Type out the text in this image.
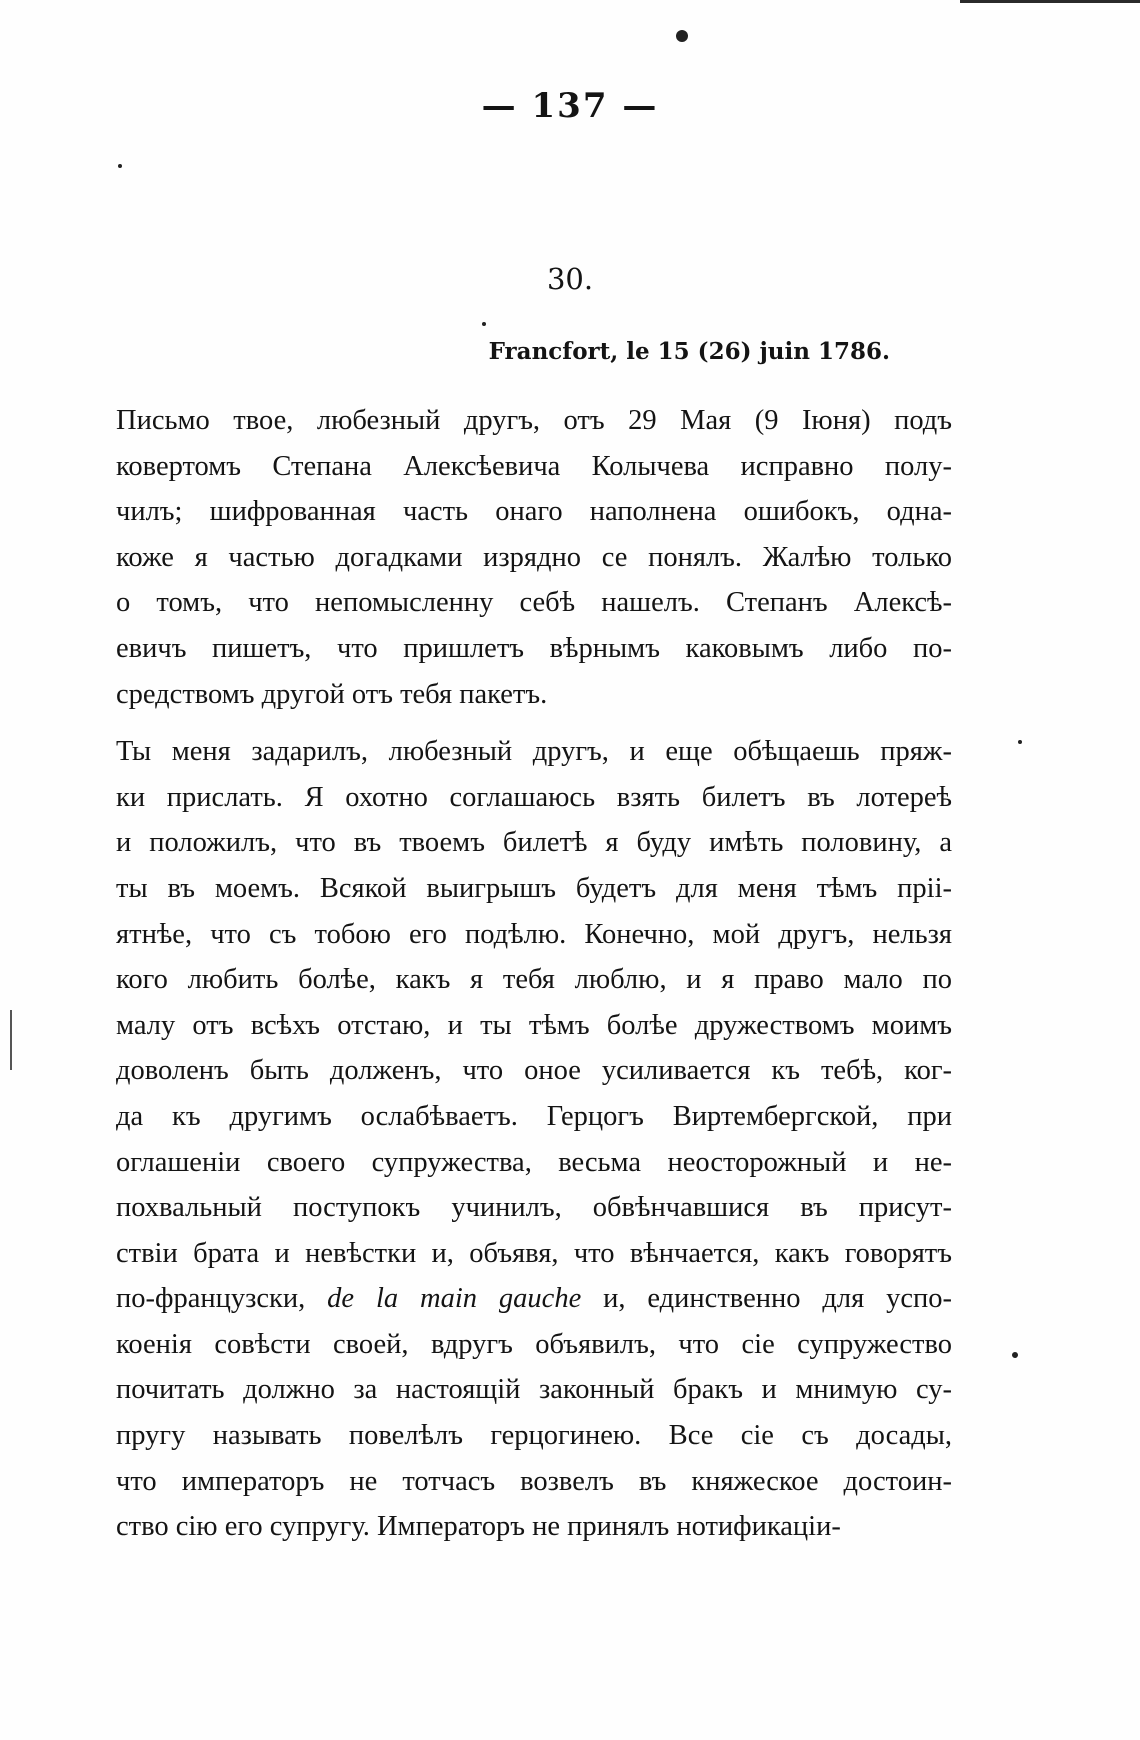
— 137 —
30.
Francfort, le 15 (26) juin 1786.
Письмо твое, любезный другъ, отъ 29 Мая (9 Іюня) подъ
ковертомъ Степана Алексѣевича Колычева исправно полу-
чилъ; шифрованная часть онаго наполнена ошибокъ, одна-
коже я частью догадками изрядно се понялъ. Жалѣю только
о томъ, что непомысленну себѣ нашелъ. Степанъ Алексѣ-
евичъ пишетъ, что пришлетъ вѣрнымъ каковымъ либо по-
средствомъ другой отъ тебя пакетъ.
Ты меня задарилъ, любезный другъ, и еще обѣщаешь пряж-
ки прислать. Я охотно соглашаюсь взять билетъ въ лотереѣ
и положилъ, что въ твоемъ билетѣ я буду имѣть половину, а
ты въ моемъ. Всякой выигрышъ будетъ для меня тѣмъ пріі-
ятнѣе, что съ тобою его подѣлю. Конечно, мой другъ, нельзя
кого любить болѣе, какъ я тебя люблю, и я право мало по
малу отъ всѣхъ отстаю, и ты тѣмъ болѣе дружествомъ моимъ
доволенъ быть долженъ, что оное усиливается къ тебѣ, ког-
да къ другимъ ослабѣваетъ. Герцогъ Виртембергской, при
оглашеніи своего супружества, весьма неосторожный и не-
похвальный поступокъ учинилъ, обвѣнчавшися въ присут-
ствіи брата и невѣстки и, объявя, что вѣнчается, какъ говорятъ
по-французски, de la main gauche и, единственно для успо-
коенія совѣсти своей, вдругъ объявилъ, что сіе супружество
почитать должно за настоящій законный бракъ и мнимую су-
пругу называть повелѣлъ герцогинею. Все сіе съ досады,
что императоръ не тотчасъ возвелъ въ княжеское достоин-
ство сію его супругу. Императоръ не принялъ нотификаціи-
